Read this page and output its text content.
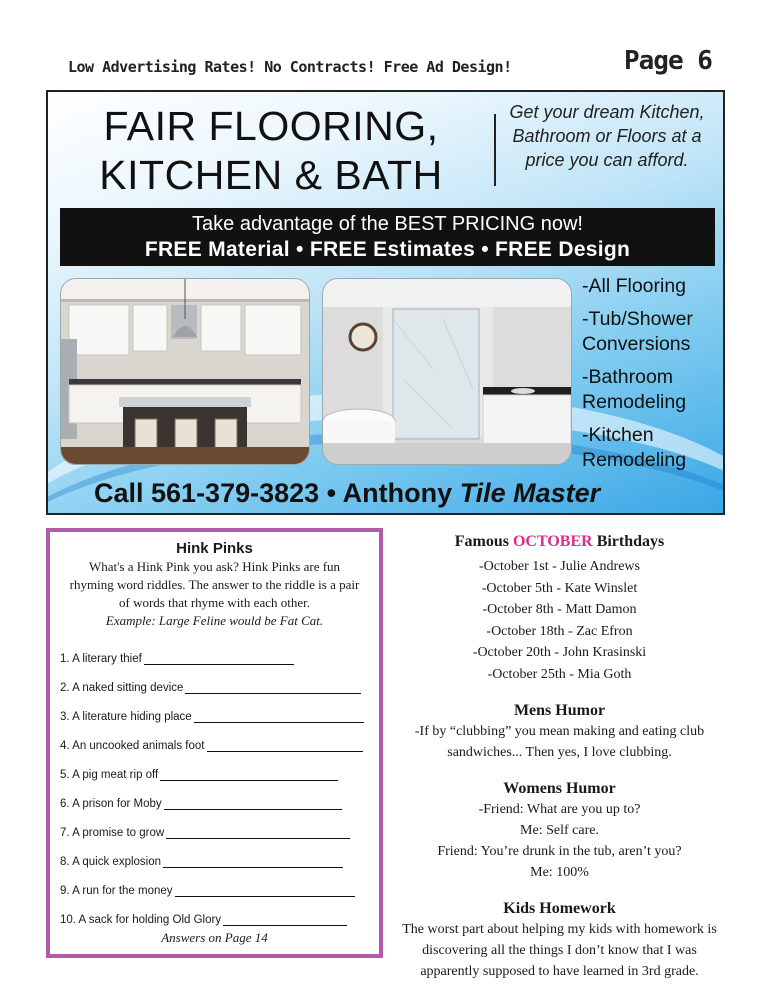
Low Advertising Rates! No Contracts! Free Ad Design!	Page 6
FAIR FLOORING,
KITCHEN & BATH
Get your dream Kitchen, Bathroom or Floors at a price you can afford.
Take advantage of the BEST PRICING now!
FREE Material • FREE Estimates • FREE Design
-All Flooring
-Tub/Shower
Conversions
-Bathroom
Remodeling
-Kitchen
Remodeling
Call 561-379-3823 • Anthony Tile Master
Hink Pinks
What's a Hink Pink you ask? Hink Pinks are fun rhyming word riddles. The answer to the riddle is a pair of words that rhyme with each other.
Example: Large Feline would be Fat Cat.
1. A literary thief
2. A naked sitting device
3. A literature hiding place
4. An uncooked animals foot
5. A pig meat rip off
6. A prison for Moby
7. A promise to grow
8. A quick explosion
9. A run for the money
10. A sack for holding Old Glory
Answers on Page 14

Famous OCTOBER Birthdays

-October 1st - Julie Andrews
-October 5th - Kate Winslet
-October 8th - Matt Damon
-October 18th - Zac Efron
-October 20th - John Krasinski
-October 25th - Mia Goth

Mens Humor

-If by “clubbing” you mean making and eating club sandwiches... Then yes, I love clubbing.

Womens Humor

-Friend: What are you up to?

Me: Self care.

Friend: You’re drunk in the tub, aren’t you?

Me: 100%

Kids Homework

The worst part about helping my kids with homework is discovering all the things I don’t know that I was apparently supposed to have learned in 3rd grade.
